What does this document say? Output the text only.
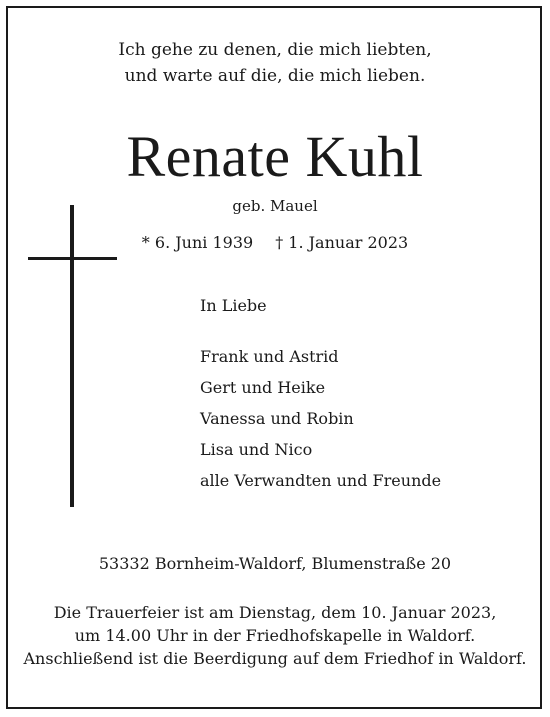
Ich gehe zu denen, die mich liebten,
und warte auf die, die mich lieben.
Renate Kuhl
geb. Mauel
* 6. Juni 1939 † 1. Januar 2023
In Liebe
Frank und Astrid
Gert und Heike
Vanessa und Robin
Lisa und Nico
alle Verwandten und Freunde
53332 Bornheim-Waldorf, Blumenstraße 20
Die Trauerfeier ist am Dienstag, dem 10. Januar 2023,
um 14.00 Uhr in der Friedhofskapelle in Waldorf.
Anschließend ist die Beerdigung auf dem Friedhof in Waldorf.
